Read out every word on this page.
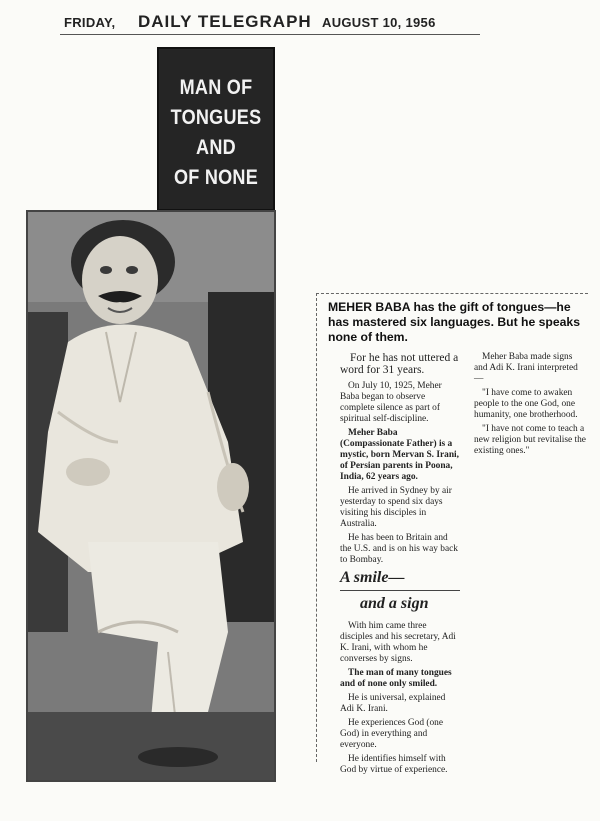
FRIDAY, DAILY TELEGRAPH AUGUST 10, 1956
MAN OF
TONGUES
AND
OF NONE
MEHER BABA has the gift of tongues—he has mastered six languages. But he speaks none of them.

For he has not uttered a word for 31 years.

On July 10, 1925, Meher Baba began to observe complete silence as part of spiritual self-discipline.

Meher Baba (Compassionate Father) is a mystic, born Mervan S. Irani, of Persian parents in Poona, India, 62 years ago.

He arrived in Sydney by air yesterday to spend six days visiting his disciples in Australia.

He has been to Britain and the U.S. and is on his way back to Bombay.

A smile—

and a sign

With him came three disciples and his secretary, Adi K. Irani, with whom he converses by signs.

The man of many tongues and of none only smiled.

He is universal, explained Adi K. Irani.

He experiences God (one God) in everything and everyone.

He identifies himself with God by virtue of experience.

Meher Baba made signs and Adi K. Irani interpreted—

"I have come to awaken people to the one God, one humanity, one brotherhood.

"I have not come to teach a new religion but revitalise the existing ones."
